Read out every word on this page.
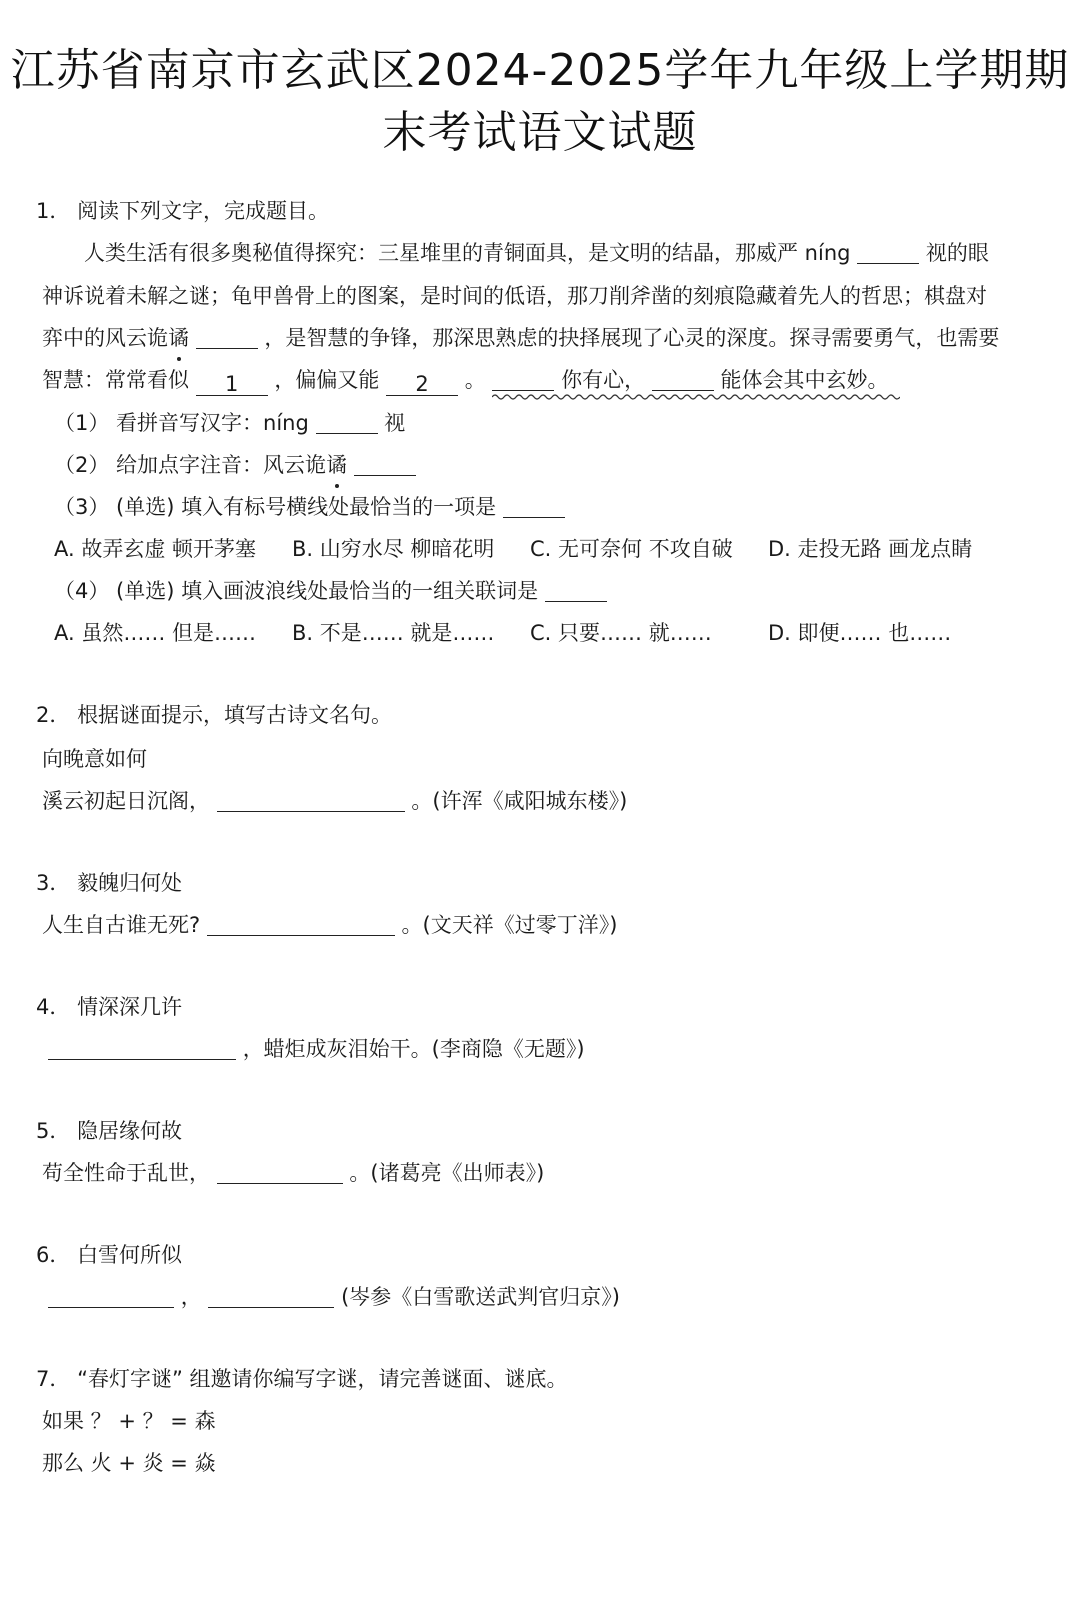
江苏省南京市玄武区2024-2025学年九年级上学期期
末考试语文试题
1． 阅读下列文字，完成题目。
人类生活有很多奥秘值得探究：三星堆里的青铜面具，是文明的结晶，那威严 níng	视的眼
神诉说着未解之谜；龟甲兽骨上的图案，是时间的低语，那刀削斧凿的刻痕隐藏着先人的哲思；棋盘对
弈中的风云诡谲	，是智慧的争锋，那深思熟虑的抉择展现了心灵的深度。探寻需要勇气，也需要
智慧：常常看似 1 ，偏偏又能 2 。	你有心，	能体会其中玄妙。
（1） 看拼音写汉字：níng	视
（2） 给加点字注音：风云诡谲
（3） (单选) 填入有标号横线处最恰当的一项是
A. 故弄玄虚 顿开茅塞 B. 山穷水尽 柳暗花明 C. 无可奈何 不攻自破 D. 走投无路 画龙点睛
（4） (单选) 填入画波浪线处最恰当的一组关联词是
A. 虽然…… 但是…… B. 不是…… 就是…… C. 只要…… 就……	D. 即便…… 也……
2． 根据谜面提示，填写古诗文名句。
向晚意如何
溪云初起日沉阁，	。(许浑《咸阳城东楼》)
3． 毅魄归何处
人生自古谁无死?	。(文天祥《过零丁洋》)
4． 情深深几许
，蜡炬成灰泪始干。(李商隐《无题》)
5． 隐居缘何故
苟全性命于乱世，	。(诸葛亮《出师表》)
6． 白雪何所似
，	(岑参《白雪歌送武判官归京》)
7． “春灯字谜” 组邀请你编写字谜，请完善谜面、谜底。
如果 ？ + ？ = 森
那么 火 + 炎 = 焱
